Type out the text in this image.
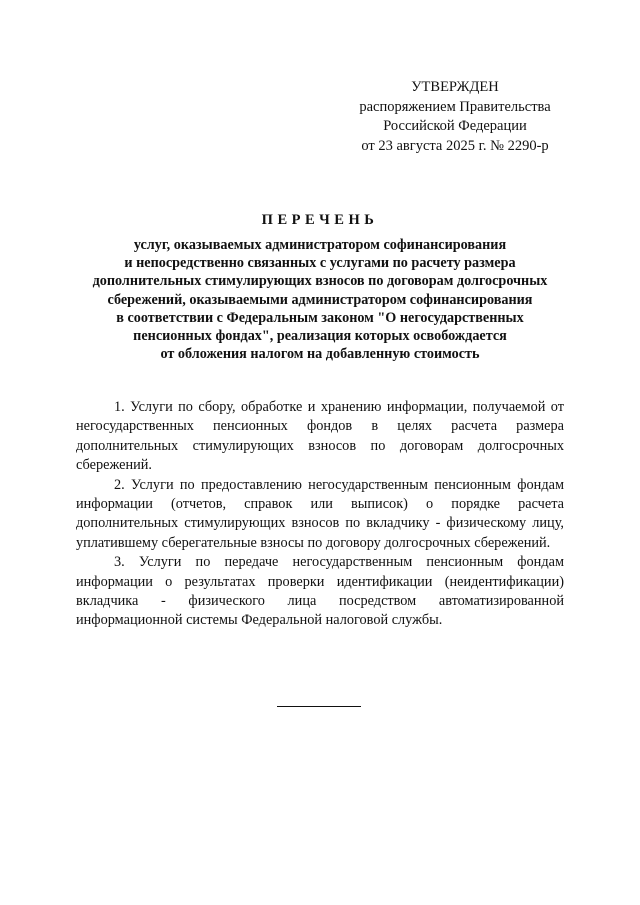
УТВЕРЖДЕН
распоряжением Правительства
Российской Федерации
от 23 августа 2025 г. № 2290-р
ПЕРЕЧЕНЬ
услуг, оказываемых администратором софинансирования
и непосредственно связанных с услугами по расчету размера
дополнительных стимулирующих взносов по договорам долгосрочных
сбережений, оказываемыми администратором софинансирования
в соответствии с Федеральным законом "О негосударственных
пенсионных фондах", реализация которых освобождается
от обложения налогом на добавленную стоимость

1. Услуги по сбору, обработке и хранению информации, получаемой от негосударственных пенсионных фондов в целях расчета размера дополнительных стимулирующих взносов по договорам долгосрочных сбережений.

2. Услуги по предоставлению негосударственным пенсионным фондам информации (отчетов, справок или выписок) о порядке расчета дополнительных стимулирующих взносов по вкладчику - физическому лицу, уплатившему сберегательные взносы по договору долгосрочных сбережений.

3. Услуги по передаче негосударственным пенсионным фондам информации о результатах проверки идентификации (неидентификации) вкладчика - физического лица посредством автоматизированной информационной системы Федеральной налоговой службы.
